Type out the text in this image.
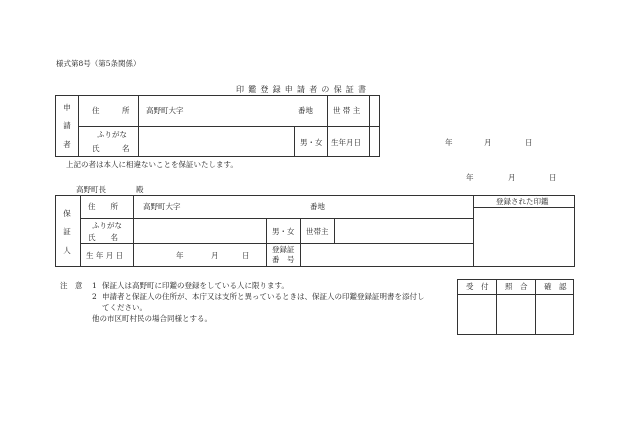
様式第8号（第5条関係）
印鑑登録申請者の保証書
申
請
者
住　　　所 高野町大字	番地	世 帯 主
ふりがな
氏　　　名
男・女 生年月日	年	月	日
上記の者は本人に相違ないことを保証いたします。
年	月	日
高野町長	殿
保
証
人
住　　所	高野町大字	番地
登録された印鑑
ふりがな
氏　　名
男・女 世帯主
生 年 月 日	年	月	日
登録証
番　号
注　意 1 保証人は高野町に印鑑の登録をしている人に限ります。
2 申請者と保証人の住所が、本庁又は支所と異っているときは、保証人の印鑑登録証明書を添付し
てください。
他の市区町村民の場合同様とする。
受　付 照　合 確　認
